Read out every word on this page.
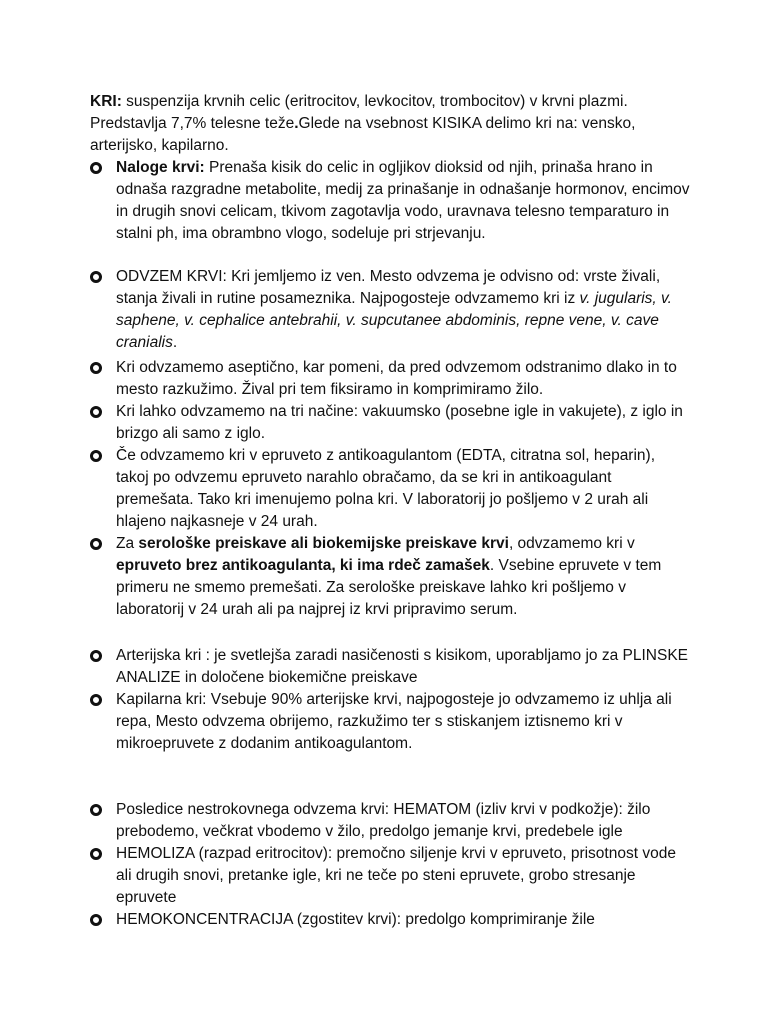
KRI: suspenzija krvnih celic (eritrocitov, levkocitov, trombocitov) v krvni plazmi. Predstavlja 7,7% telesne teže.Glede na vsebnost KISIKA delimo kri na: vensko, arterijsko, kapilarno.
Naloge krvi: Prenaša kisik do celic in ogljikov dioksid od njih, prinaša hrano in odnaša razgradne metabolite, medij za prinašanje in odnašanje hormonov, encimov in drugih snovi celicam, tkivom zagotavlja vodo, uravnava telesno temparaturo in stalni ph, ima obrambno vlogo, sodeluje pri strjevanju.
ODVZEM KRVI: Kri jemljemo iz ven. Mesto odvzema je odvisno od: vrste živali, stanja živali in rutine posameznika. Najpogosteje odvzamemo kri iz v. jugularis, v. saphene, v. cephalice antebrahii, v. supcutanee abdominis, repne vene, v. cave cranialis.
Kri odvzamemo aseptično, kar pomeni, da pred odvzemom odstranimo dlako in to mesto razkužimo. Žival pri tem fiksiramo in komprimiramo žilo.
Kri lahko odvzamemo na tri načine: vakuumsko (posebne igle in vakujete), z iglo in brizgo ali samo z iglo.
Če odvzamemo kri v epruveto z antikoagulantom (EDTA, citratna sol, heparin), takoj po odvzemu epruveto narahlo obračamo, da se kri in antikoagulant premešata. Tako kri imenujemo polna kri. V laboratorij jo pošljemo v 2 urah ali hlajeno najkasneje v 24 urah.
Za serološke preiskave ali biokemijske preiskave krvi, odvzamemo kri v epruveto brez antikoagulanta, ki ima rdeč zamašek. Vsebine epruvete v tem primeru ne smemo premešati. Za serološke preiskave lahko kri pošljemo v laboratorij v 24 urah ali pa najprej iz krvi pripravimo serum.
Arterijska kri : je svetlejša zaradi nasičenosti s kisikom, uporabljamo jo za PLINSKE ANALIZE in določene biokemične preiskave
Kapilarna kri: Vsebuje 90% arterijske krvi, najpogosteje jo odvzamemo iz uhlja ali repa, Mesto odvzema obrijemo, razkužimo ter s stiskanjem iztisnemo kri v mikroepruvete z dodanim antikoagulantom.
Posledice nestrokovnega odvzema krvi: HEMATOM (izliv krvi v podkožje): žilo prebodemo, večkrat vbodemo v žilo, predolgo jemanje krvi, predebele igle
HEMOLIZA (razpad eritrocitov): premočno siljenje krvi v epruveto, prisotnost vode ali drugih snovi, pretanke igle, kri ne teče po steni epruvete, grobo stresanje epruvete
HEMOKONCENTRACIJA (zgostitev krvi): predolgo komprimiranje žile
